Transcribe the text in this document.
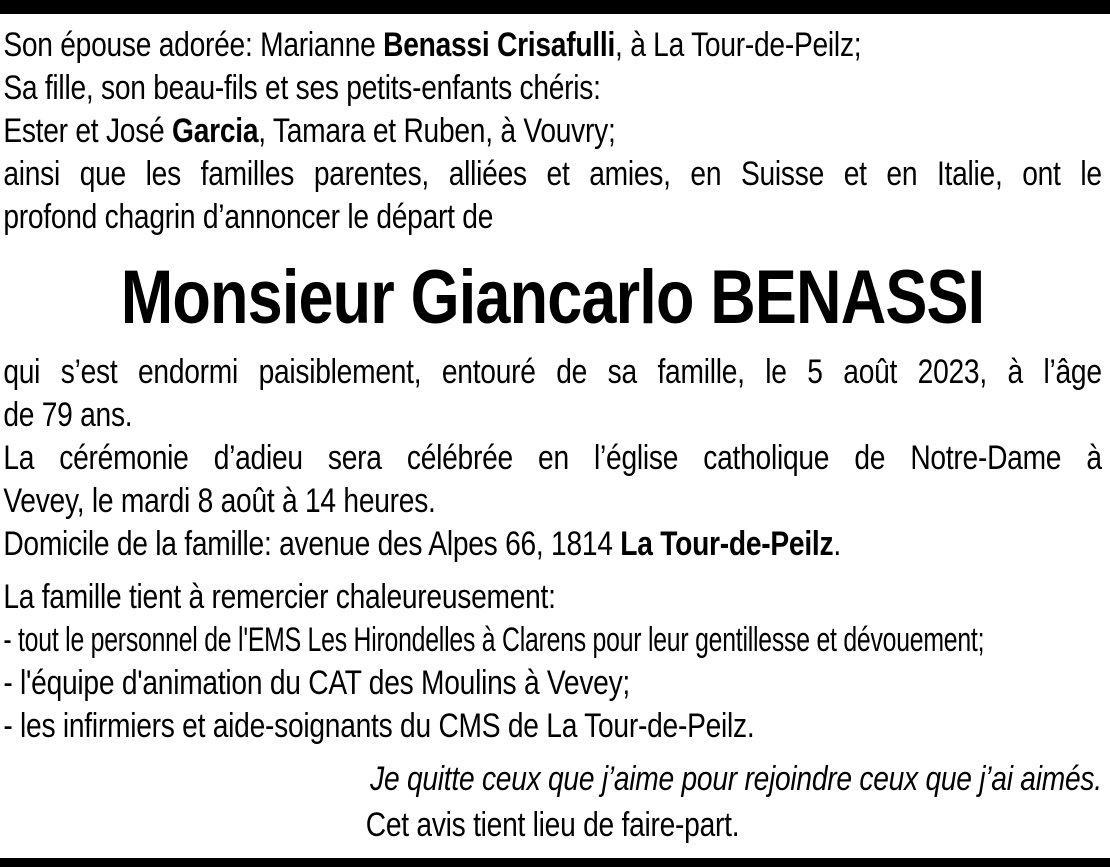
Son épouse adorée: Marianne Benassi Crisafulli, à La Tour-de-Peilz;
Sa fille, son beau-fils et ses petits-enfants chéris:
Ester et José Garcia, Tamara et Ruben, à Vouvry;
ainsi que les familles parentes, alliées et amies, en Suisse et en Italie, ont le
profond chagrin d’annoncer le départ de
Monsieur Giancarlo BENASSI
qui s’est endormi paisiblement, entouré de sa famille, le 5 août 2023, à l’âge
de 79 ans.
La cérémonie d’adieu sera célébrée en l’église catholique de Notre-Dame à
Vevey, le mardi 8 août à 14 heures.
Domicile de la famille: avenue des Alpes 66, 1814 La Tour-de-Peilz.
La famille tient à remercier chaleureusement:
- tout le personnel de l'EMS Les Hirondelles à Clarens pour leur gentillesse et dévouement;
- l'équipe d'animation du CAT des Moulins à Vevey;
- les infirmiers et aide-soignants du CMS de La Tour-de-Peilz.
Je quitte ceux que j’aime pour rejoindre ceux que j’ai aimés.
Cet avis tient lieu de faire-part.
